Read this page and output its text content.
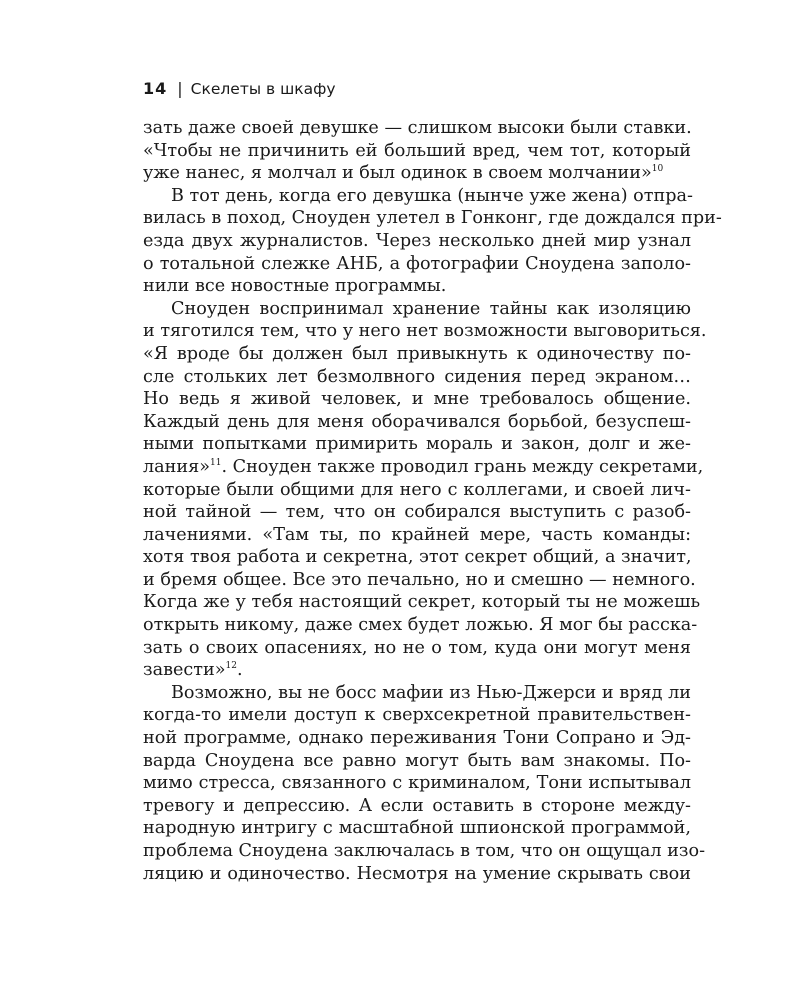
14 | Скелеты в шкафу
зать даже своей девушке — слишком высоки были ставки.
«Чтобы не причинить ей больший вред, чем тот, который
уже нанес, я молчал и был одинок в своем молчании»$^{10}$
В тот день, когда его девушка (нынче уже жена) отпра-
вилась в поход, Сноуден улетел в Гонконг, где дождался при-
езда двух журналистов. Через несколько дней мир узнал
о тотальной слежке АНБ, а фотографии Сноудена заполо-
нили все новостные программы.
Сноуден воспринимал хранение тайны как изоляцию
и тяготился тем, что у него нет возможности выговориться.
«Я вроде бы должен был привыкнуть к одиночеству по-
сле стольких лет безмолвного сидения перед экраном…
Но ведь я живой человек, и мне требовалось общение.
Каждый день для меня оборачивался борьбой, безуспеш-
ными попытками примирить мораль и закон, долг и же-
лания»$^{11}$. Сноуден также проводил грань между секретами,
которые были общими для него с коллегами, и своей лич-
ной тайной — тем, что он собирался выступить с разоб-
лачениями. «Там ты, по крайней мере, часть команды:
хотя твоя работа и секретна, этот секрет общий, а значит,
и бремя общее. Все это печально, но и смешно — немного.
Когда же у тебя настоящий секрет, который ты не можешь
открыть никому, даже смех будет ложью. Я мог бы расска-
зать о своих опасениях, но не о том, куда они могут меня
завести»$^{12}$.
Возможно, вы не босс мафии из Нью-Джерси и вряд ли
когда-то имели доступ к сверхсекретной правительствен-
ной программе, однако переживания Тони Сопрано и Эд-
варда Сноудена все равно могут быть вам знакомы. По-
мимо стресса, связанного с криминалом, Тони испытывал
тревогу и депрессию. А если оставить в стороне между-
народную интригу с масштабной шпионской программой,
проблема Сноудена заключалась в том, что он ощущал изо-
ляцию и одиночество. Несмотря на умение скрывать свои
